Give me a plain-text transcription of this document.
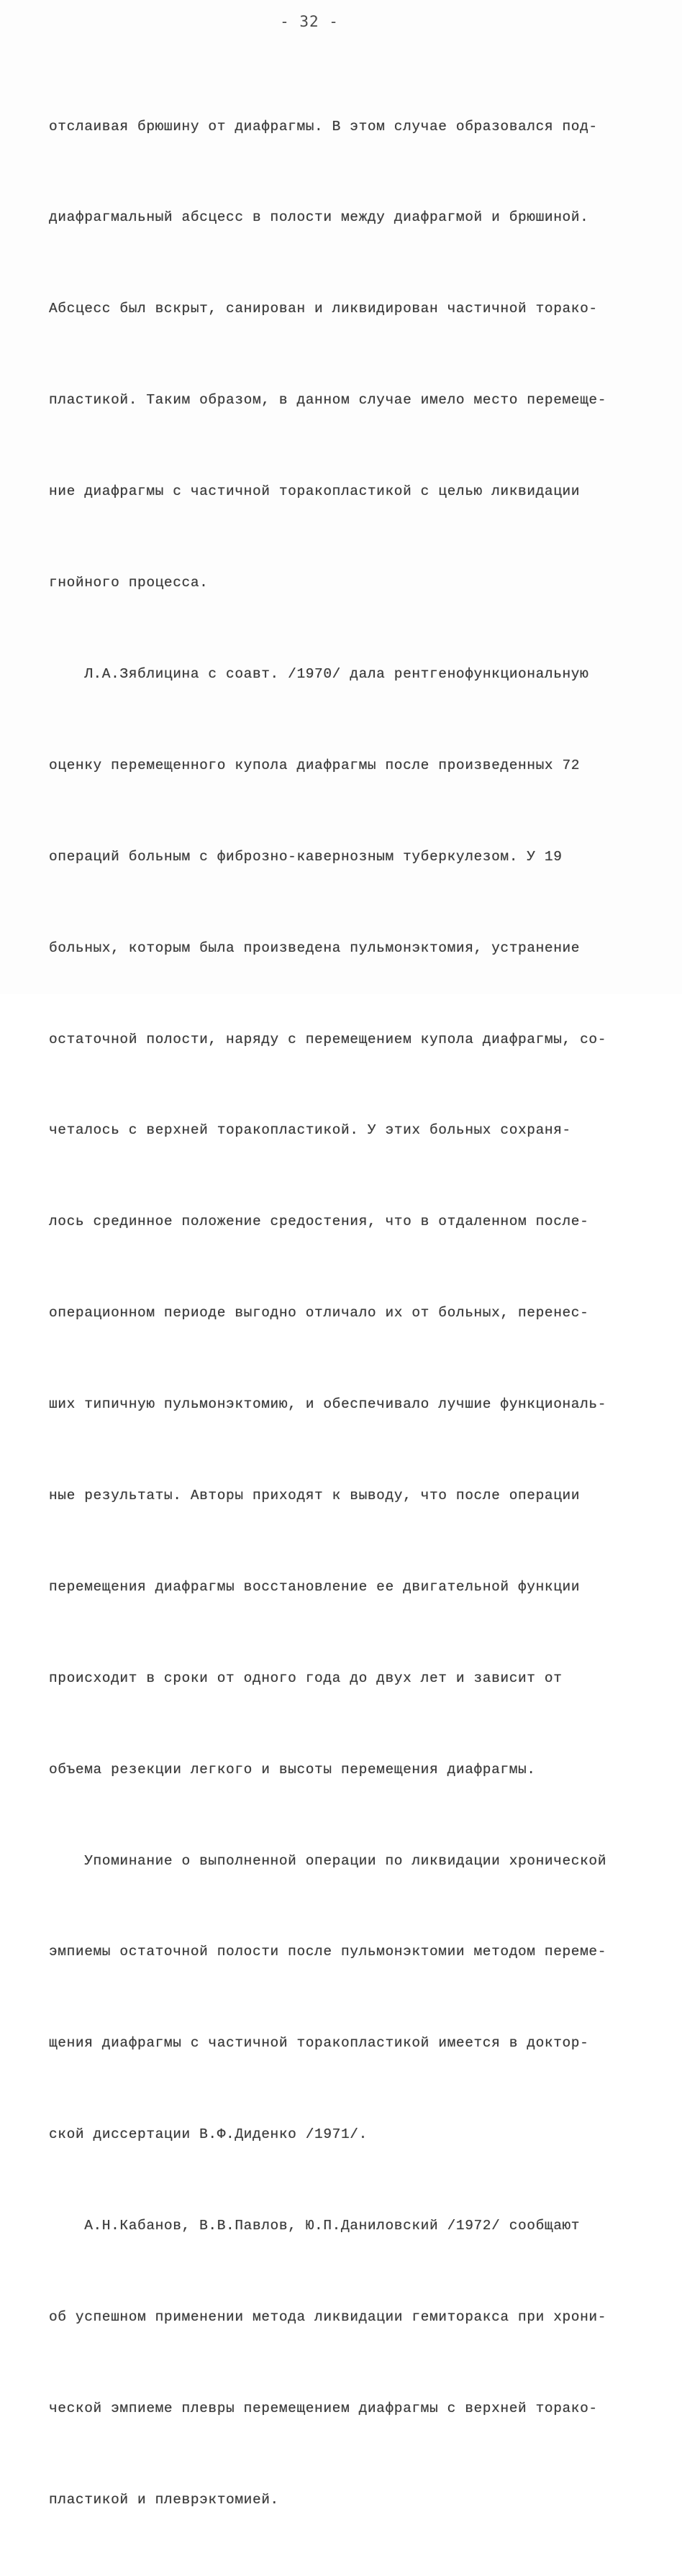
- 32 -

отслаивая брюшину от диафрагмы. В этом случае образовался под-

диафрагмальный абсцесс в полости между диафрагмой и брюшиной.

Абсцесс был вскрыт, санирован и ликвидирован частичной торако-

пластикой. Таким образом, в данном случае имело место перемеще-

ние диафрагмы с частичной торакопластикой с целью ликвидации

гнойного процесса.

Л.А.Зяблицина с соавт. /1970/ дала рентгенофункциональную

оценку перемещенного купола диафрагмы после произведенных 72

операций больным с фиброзно-кавернозным туберкулезом. У 19

больных, которым была произведена пульмонэктомия, устранение

остаточной полости, наряду с перемещением купола диафрагмы, со-

четалось с верхней торакопластикой. У этих больных сохраня-

лось срединное положение средостения, что в отдаленном после-

операционном периоде выгодно отличало их от больных, перенес-

ших типичную пульмонэктомию, и обеспечивало лучшие функциональ-

ные результаты. Авторы приходят к выводу, что после операции

перемещения диафрагмы восстановление ее двигательной функции

происходит в сроки от одного года до двух лет и зависит от

объема резекции легкого и высоты перемещения диафрагмы.

Упоминание о выполненной операции по ликвидации хронической

эмпиемы остаточной полости после пульмонэктомии методом переме-

щения диафрагмы с частичной торакопластикой имеется в доктор-

ской диссертации В.Ф.Диденко /1971/.

А.Н.Кабанов, В.В.Павлов, Ю.П.Даниловский /1972/ сообщают

об успешном применении метода ликвидации гемиторакса при хрони-

ческой эмпиеме плевры перемещением диафрагмы с верхней торако-

пластикой и плеврэктомией.
